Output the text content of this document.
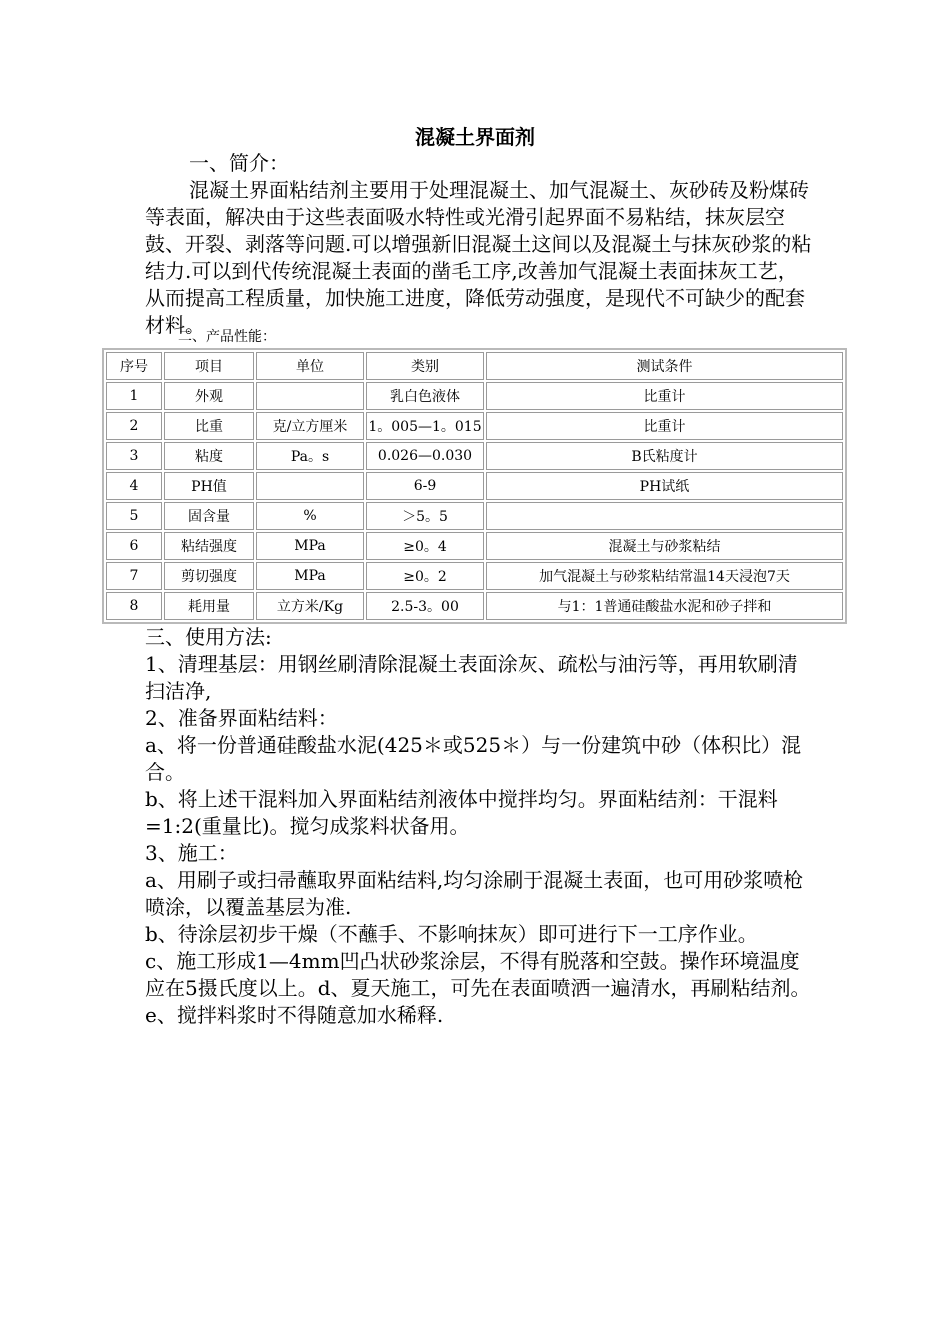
混凝土界面剂

一、简介：

混凝土界面粘结剂主要用于处理混凝土、加气混凝土、灰砂砖及粉煤砖等表面，解决由于这些表面吸水特性或光滑引起界面不易粘结，抹灰层空鼓、开裂、剥落等问题.可以增强新旧混凝土这间以及混凝土与抹灰砂浆的粘结力.可以到代传统混凝土表面的凿毛工序,改善加气混凝土表面抹灰工艺，从而提高工程质量，加快施工进度，降低劳动强度，是现代不可缺少的配套材料。

二、产品性能：
序号	项目	单位	类别	测试条件
1	外观		乳白色液体	比重计
2	比重	克/立方厘米	1。005—1。015	比重计
3	粘度	Pa。s	0.026—0.030	B氏粘度计
4	PH值		6-9	PH试纸
5	固含量	%	＞5。5	
6	粘结强度	MPa	≥0。4	混凝土与砂浆粘结
7	剪切强度	MPa	≥0。2	加气混凝土与砂浆粘结常温14天浸泡7天
8	耗用量	立方米/Kg	2.5-3。00	与1：1普通硅酸盐水泥和砂子拌和

三、使用方法:

1、清理基层：用钢丝刷清除混凝土表面涂灰、疏松与油污等，再用软刷清扫洁净,

2、准备界面粘结料：

a、将一份普通硅酸盐水泥(425＊或525＊）与一份建筑中砂（体积比）混合。

b、将上述干混料加入界面粘结剂液体中搅拌均匀。界面粘结剂：干混料=1:2(重量比)。搅匀成浆料状备用。

3、施工：

a、用刷子或扫帚蘸取界面粘结料,均匀涂刷于混凝土表面，也可用砂浆喷枪喷涂，以覆盖基层为准.

b、待涂层初步干燥（不蘸手、不影响抹灰）即可进行下一工序作业。

c、施工形成1—4mm凹凸状砂浆涂层，不得有脱落和空鼓。操作环境温度应在5摄氏度以上。d、夏天施工，可先在表面喷洒一遍清水，再刷粘结剂。

e、搅拌料浆时不得随意加水稀释.
